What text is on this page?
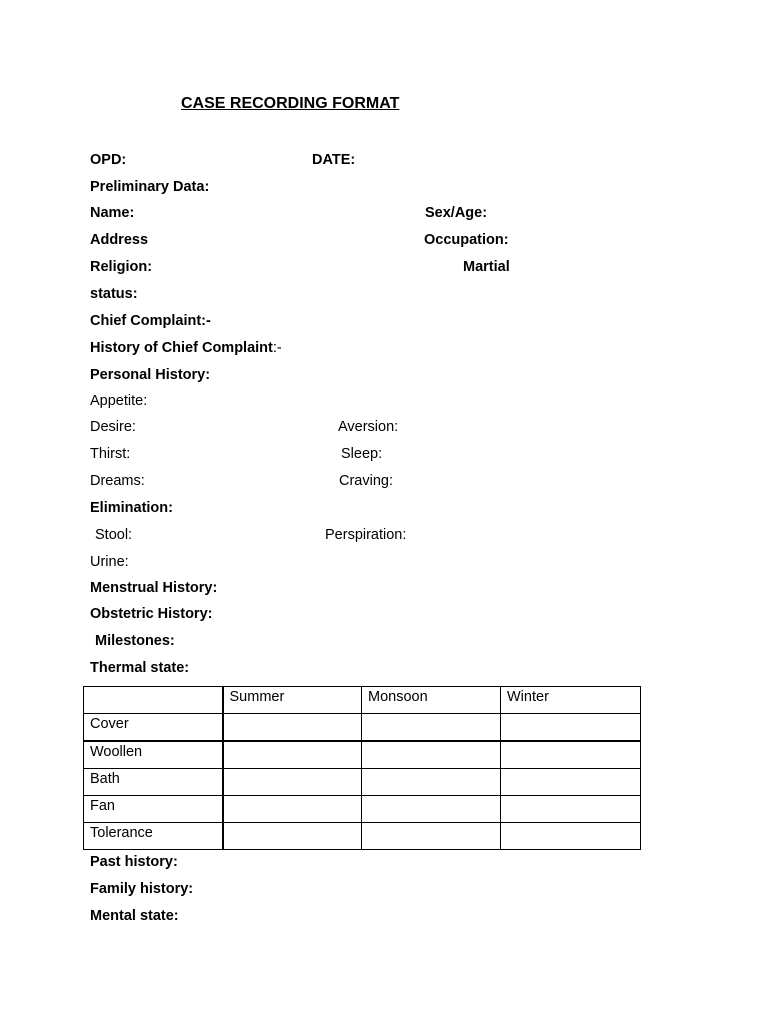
CASE RECORDING FORMAT
OPD:	DATE:
Preliminary Data:
Name:	Sex/Age:
Address	Occupation:
Religion:	Martial
status:
Chief Complaint:-
History of Chief Complaint:-
Personal History:
Appetite:
Desire:	Aversion:
Thirst:	Sleep:
Dreams:	Craving:
Elimination:
Stool:	Perspiration:
Urine:
Menstrual History:
Obstetric History:
Milestones:
Thermal state:
	Summer	Monsoon	Winter
Cover			
Woollen			
Bath			
Fan			
Tolerance			
Past history:
Family history:
Mental state:
